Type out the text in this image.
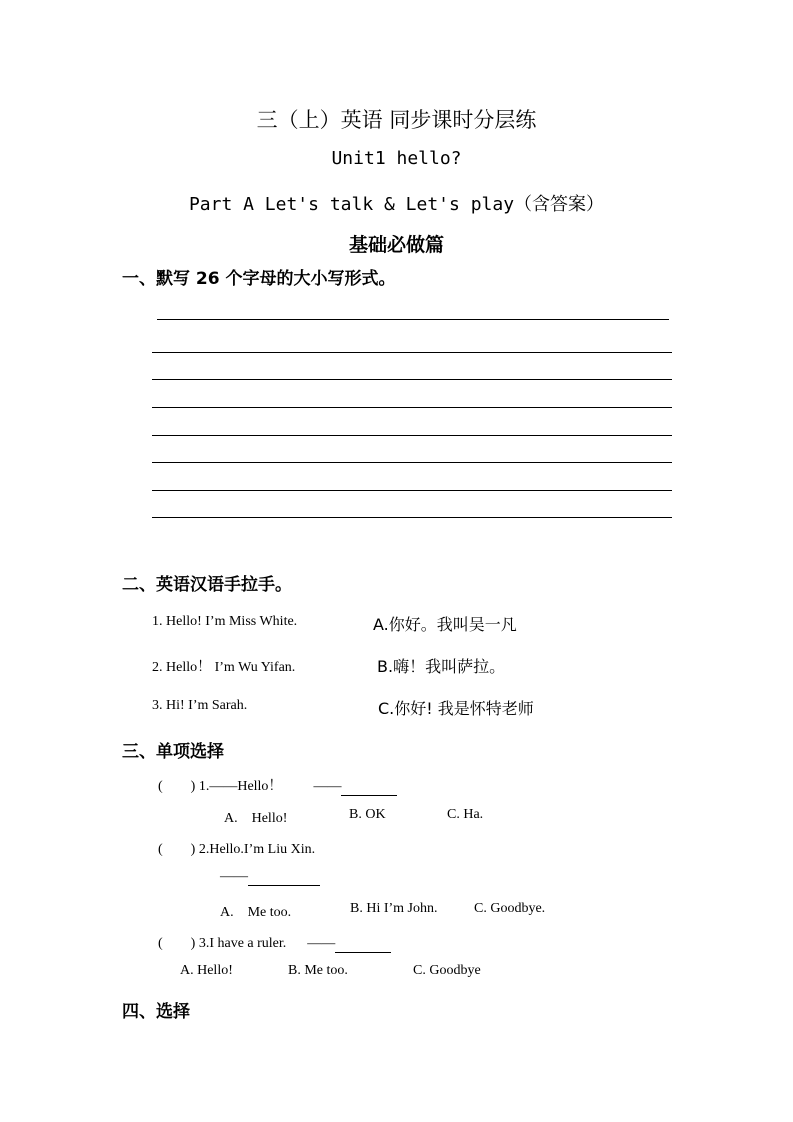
三（上）英语 同步课时分层练
Unit1 hello?
Part A Let's talk & Let's play（含答案）
基础必做篇
一、默写 26 个字母的大小写形式。
二、英语汉语手拉手。
1. Hello! I’m Miss White.	A.你好。我叫吴一凡
2. Hello！ I’m Wu Yifan.	B.嗨！我叫萨拉。
3. Hi! I’m Sarah.	C.你好! 我是怀特老师
三、单项选择
(　　) 1.——Hello！ ——
A.　Hello!	B. OK	C. Ha.
(　　) 2.Hello.I’m Liu Xin.
——
A.　Me too.	B. Hi I’m John.	C. Goodbye.
(　　) 3.I have a ruler. ——
A. Hello!	B. Me too.	C. Goodbye
四、选择
